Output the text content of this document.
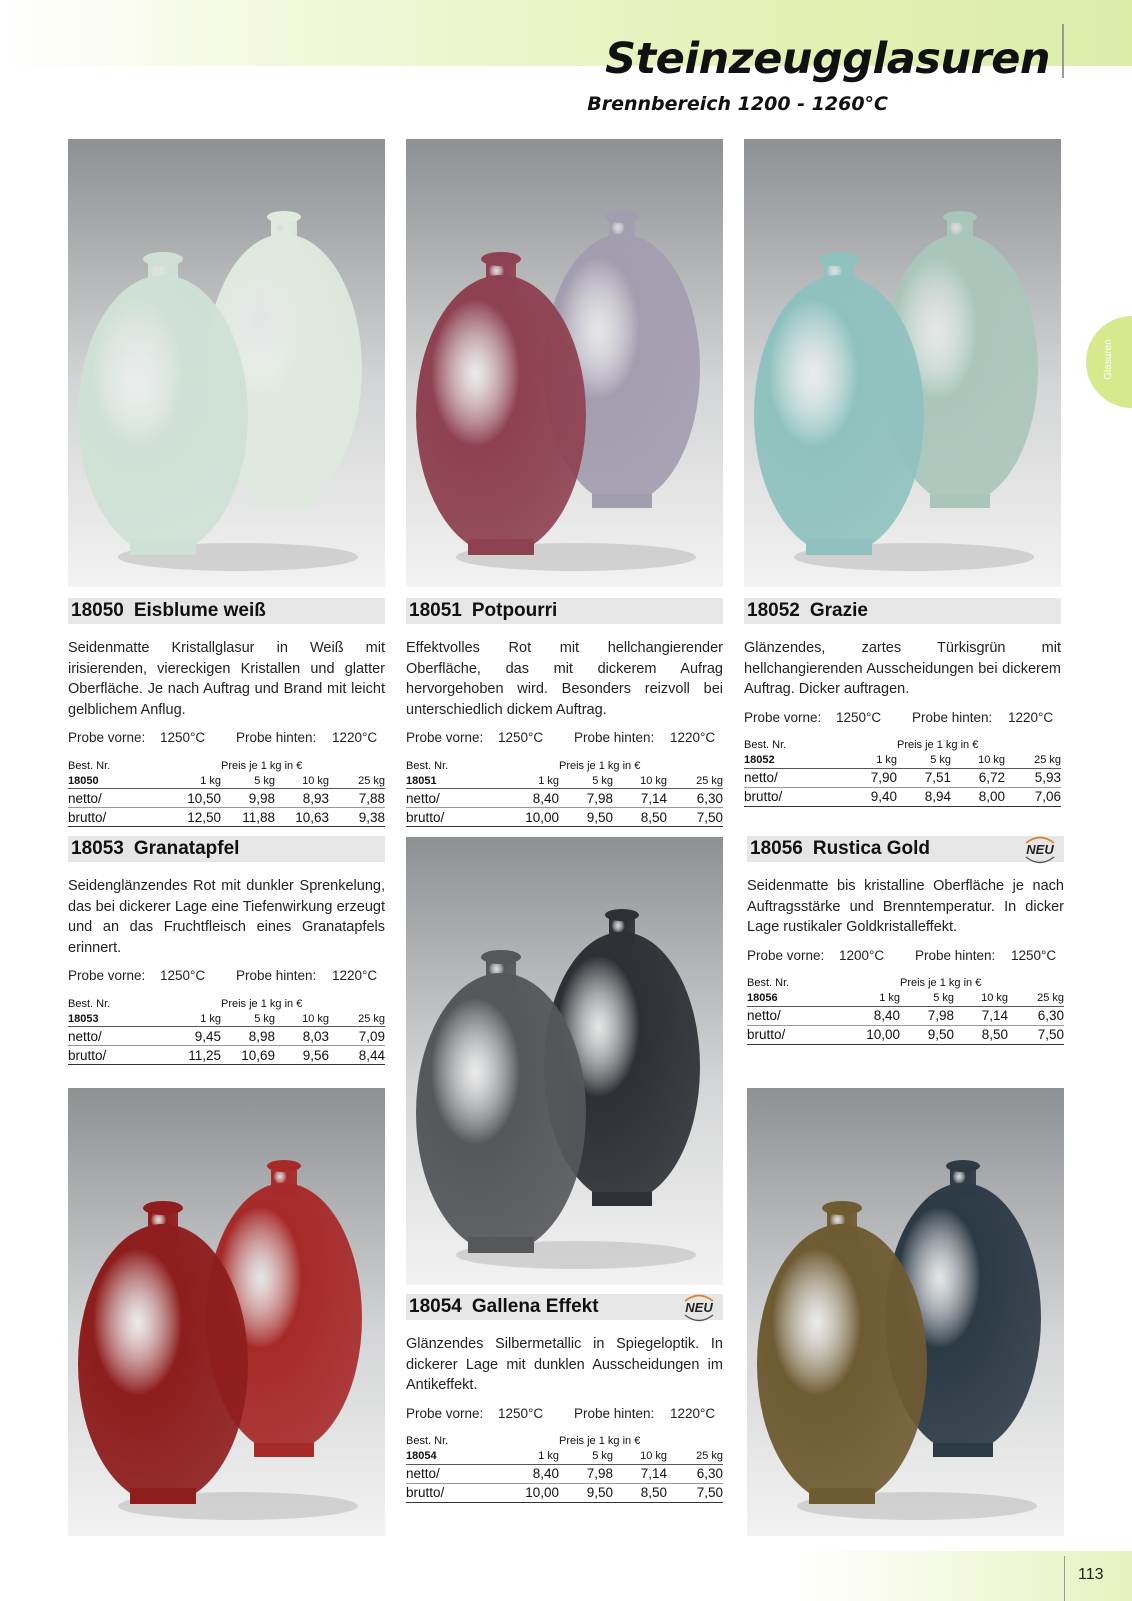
Steinzeugglasuren
Brennbereich 1200 - 1260°C
Glasuren
113
18050 Eisblume weiß

Seidenmatte Kristallglasur in Weiß mit irisierenden, viereckigen Kristallen und glatter Oberfläche. Je nach Auftrag und Brand mit leicht gelblichem Anflug.

Probe vorne: 1250°C Probe hinten: 1220°C
Best. Nr.		Preis je 1 kg in €		
18050	1 kg	5 kg	10 kg	25 kg
netto/	10,50	9,98	8,93	7,88
brutto/	12,50	11,88	10,63	9,38
18051 Potpourri

Effektvolles Rot mit hellchangierender Oberfläche, das mit dickerem Aufrag hervorgehoben wird. Besonders reizvoll bei unterschiedlich dickem Auftrag.

Probe vorne: 1250°C Probe hinten: 1220°C
Best. Nr.		Preis je 1 kg in €		
18051	1 kg	5 kg	10 kg	25 kg
netto/	8,40	7,98	7,14	6,30
brutto/	10,00	9,50	8,50	7,50
18052 Grazie

Glänzendes, zartes Türkisgrün mit hellchangierenden Ausscheidungen bei dickerem Auftrag. Dicker auftragen.

Probe vorne: 1250°C Probe hinten: 1220°C
Best. Nr.		Preis je 1 kg in €		
18052	1 kg	5 kg	10 kg	25 kg
netto/	7,90	7,51	6,72	5,93
brutto/	9,40	8,94	8,00	7,06
18053 Granatapfel

Seidenglänzendes Rot mit dunkler Sprenkelung, das bei dickerer Lage eine Tiefenwirkung erzeugt und an das Fruchtfleisch eines Granatapfels erinnert.

Probe vorne: 1250°C Probe hinten: 1220°C
Best. Nr.		Preis je 1 kg in €		
18053	1 kg	5 kg	10 kg	25 kg
netto/	9,45	8,98	8,03	7,09
brutto/	11,25	10,69	9,56	8,44
18054 Gallena Effekt	NEU

Glänzendes Silbermetallic in Spiegeloptik. In dickerer Lage mit dunklen Ausscheidungen im Antikeffekt.

Probe vorne: 1250°C Probe hinten: 1220°C
Best. Nr.		Preis je 1 kg in €		
18054	1 kg	5 kg	10 kg	25 kg
netto/	8,40	7,98	7,14	6,30
brutto/	10,00	9,50	8,50	7,50
18056 Rustica Gold	NEU

Seidenmatte bis kristalline Oberfläche je nach Auftragsstärke und Brenntemperatur. In dicker Lage rustikaler Goldkristalleffekt.

Probe vorne: 1200°C Probe hinten: 1250°C
Best. Nr.		Preis je 1 kg in €		
18056	1 kg	5 kg	10 kg	25 kg
netto/	8,40	7,98	7,14	6,30
brutto/	10,00	9,50	8,50	7,50
